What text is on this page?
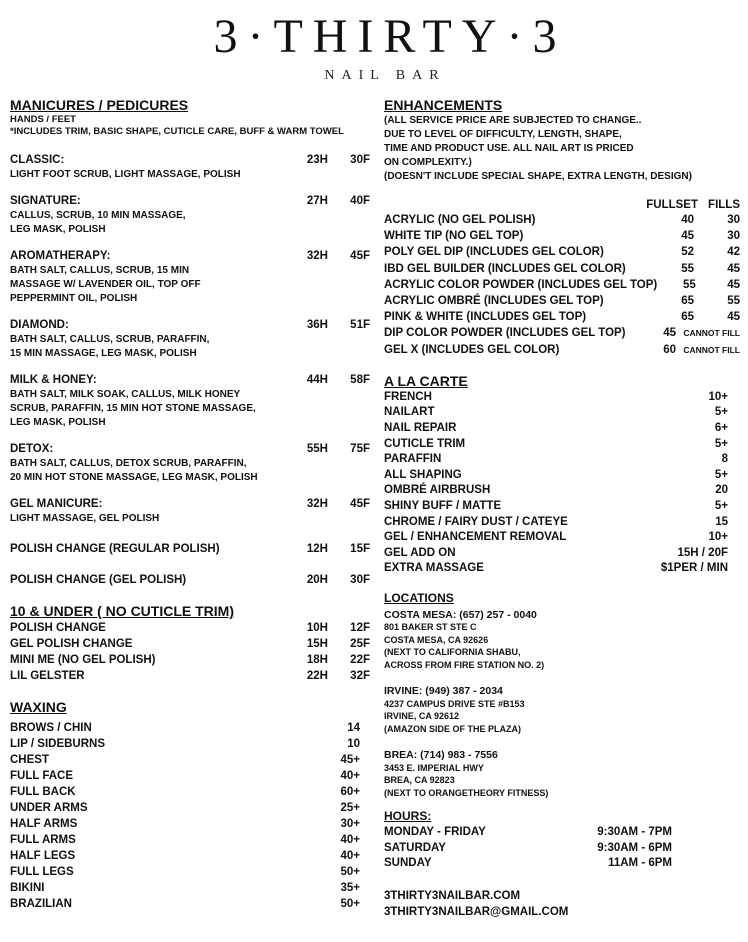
3·THIRTY·3
NAIL BAR
MANICURES / PEDICURES
HANDS / FEET
*INCLUDES TRIM, BASIC SHAPE, CUTICLE CARE, BUFF & WARM TOWEL
CLASSIC:	23H	30F
LIGHT FOOT SCRUB, LIGHT MASSAGE, POLISH
SIGNATURE:	27H	40F
CALLUS, SCRUB, 10 MIN MASSAGE,
LEG MASK, POLISH
AROMATHERAPY:	32H	45F
BATH SALT, CALLUS, SCRUB, 15 MIN
MASSAGE W/ LAVENDER OIL, TOP OFF
PEPPERMINT OIL, POLISH
DIAMOND:	36H	51F
BATH SALT, CALLUS, SCRUB, PARAFFIN,
15 MIN MASSAGE, LEG MASK, POLISH
MILK & HONEY:	44H	58F
BATH SALT, MILK SOAK, CALLUS, MILK HONEY
SCRUB, PARAFFIN, 15 MIN HOT STONE MASSAGE,
LEG MASK, POLISH
DETOX:	55H	75F
BATH SALT, CALLUS, DETOX SCRUB, PARAFFIN,
20 MIN HOT STONE MASSAGE, LEG MASK, POLISH
GEL MANICURE:	32H	45F
LIGHT MASSAGE, GEL POLISH
POLISH CHANGE (REGULAR POLISH)	12H	15F
POLISH CHANGE (GEL POLISH)	20H	30F
10 & UNDER ( NO CUTICLE TRIM)
POLISH CHANGE	10H	12F
GEL POLISH CHANGE	15H	25F
MINI ME (NO GEL POLISH)	18H	22F
LIL GELSTER	22H	32F
WAXING
BROWS / CHIN	14
LIP / SIDEBURNS	10
CHEST	45+
FULL FACE	40+
FULL BACK	60+
UNDER ARMS	25+
HALF ARMS	30+
FULL ARMS	40+
HALF LEGS	40+
FULL LEGS	50+
BIKINI	35+
BRAZILIAN	50+
ENHANCEMENTS
(ALL SERVICE PRICE ARE SUBJECTED TO CHANGE..
DUE TO LEVEL OF DIFFICULTY, LENGTH, SHAPE,
TIME AND PRODUCT USE. ALL NAIL ART IS PRICED
ON COMPLEXITY.)
(DOESN'T INCLUDE SPECIAL SHAPE, EXTRA LENGTH, DESIGN)
FULLSET FILLS
ACRYLIC (NO GEL POLISH)	40	30
WHITE TIP (NO GEL TOP)	45	30
POLY GEL DIP (INCLUDES GEL COLOR)	52	42
IBD GEL BUILDER (INCLUDES GEL COLOR)	55	45
ACRYLIC COLOR POWDER (INCLUDES GEL TOP)	55	45
ACRYLIC OMBRÉ (INCLUDES GEL TOP)	65	55
PINK & WHITE (INCLUDES GEL TOP)	65	45
DIP COLOR POWDER (INCLUDES GEL TOP)	45 CANNOT FILL
GEL X (INCLUDES GEL COLOR)	60 CANNOT FILL
A LA CARTE
FRENCH	10+
NAILART	5+
NAIL REPAIR	6+
CUTICLE TRIM	5+
PARAFFIN	8
ALL SHAPING	5+
OMBRÉ AIRBRUSH	20
SHINY BUFF / MATTE	5+
CHROME / FAIRY DUST / CATEYE	15
GEL / ENHANCEMENT REMOVAL	10+
GEL ADD ON	15H / 20F
EXTRA MASSAGE	$1PER / MIN
LOCATIONS
COSTA MESA: (657) 257 - 0040
801 BAKER ST STE C
COSTA MESA, CA 92626
(NEXT TO CALIFORNIA SHABU,
ACROSS FROM FIRE STATION NO. 2)
IRVINE: (949) 387 - 2034
4237 CAMPUS DRIVE STE #B153
IRVINE, CA 92612
(AMAZON SIDE OF THE PLAZA)
BREA: (714) 983 - 7556
3453 E. IMPERIAL HWY
BREA, CA 92823
(NEXT TO ORANGETHEORY FITNESS)
HOURS:
MONDAY - FRIDAY	9:30AM - 7PM
SATURDAY	9:30AM - 6PM
SUNDAY	11AM - 6PM
3THIRTY3NAILBAR.COM
3THIRTY3NAILBAR@GMAIL.COM
